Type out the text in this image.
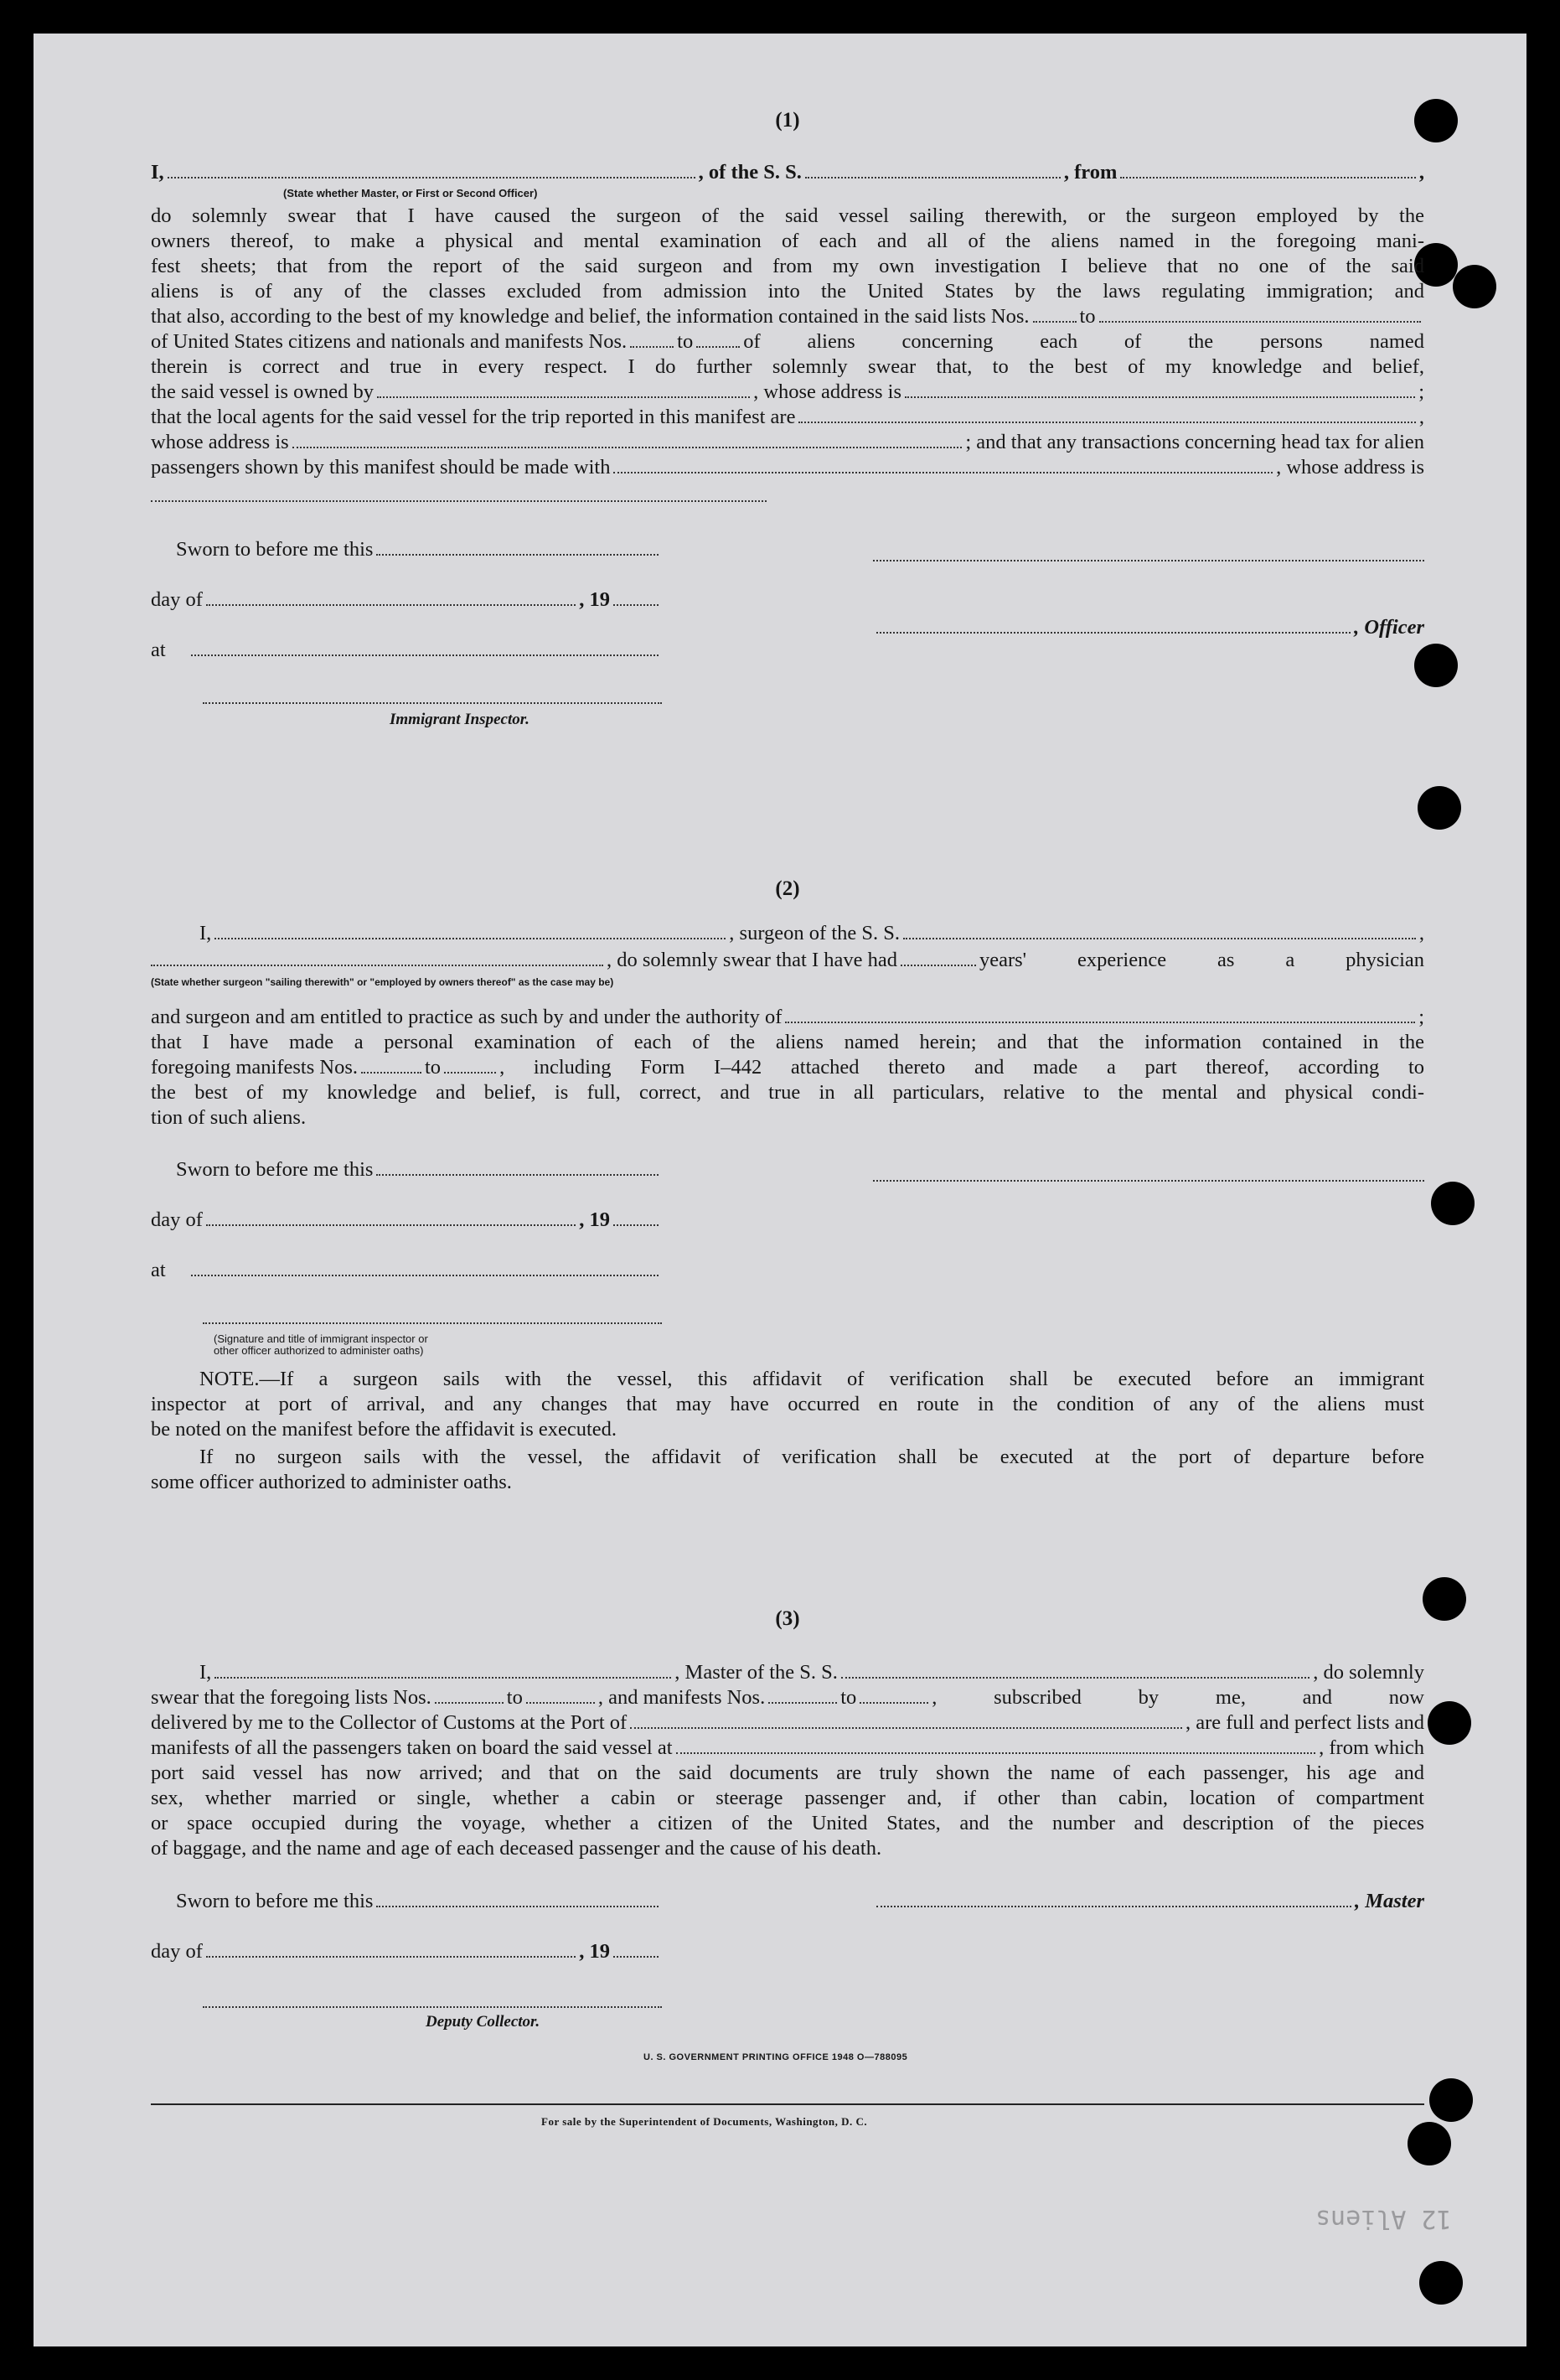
(1)
I,	, of the S. S.	, from	,
(State whether Master, or First or Second Officer)
do solemnly swear that I have caused the surgeon of the said vessel sailing therewith, or the surgeon employed by the
owners thereof, to make a physical and mental examination of each and all of the aliens named in the foregoing mani-
fest sheets; that from the report of the said surgeon and from my own investigation I believe that no one of the said
aliens is of any of the classes excluded from admission into the United States by the laws regulating immigration; and
that also, according to the best of my knowledge and belief, the information contained in the said lists Nos. to
of United States citizens and nationals and manifests Nos. to of aliens concerning each of the persons named
therein is correct and true in every respect. I do further solemnly swear that, to the best of my knowledge and belief,
the said vessel is owned by	, whose address is	;
that the local agents for the said vessel for the trip reported in this manifest are	,
whose address is	; and that any transactions concerning head tax for alien
passengers shown by this manifest should be made with	, whose address is
Sworn to before me this
day of	, 19
, Officer
at
Immigrant Inspector.
(2)
I,	, surgeon of the S. S.	,
, do solemnly swear that I have had	years' experience as a physician
(State whether surgeon "sailing therewith" or "employed by owners thereof" as the case may be)
and surgeon and am entitled to practice as such by and under the authority of	;
that I have made a personal examination of each of the aliens named herein; and that the information contained in the
foregoing manifests Nos.	to	, including Form I–442 attached thereto and made a part thereof, according to
the best of my knowledge and belief, is full, correct, and true in all particulars, relative to the mental and physical condi-
tion of such aliens.
Sworn to before me this
day of	, 19
at
(Signature and title of immigrant inspector or
other officer authorized to administer oaths)
NOTE.—If a surgeon sails with the vessel, this affidavit of verification shall be executed before an immigrant
inspector at port of arrival, and any changes that may have occurred en route in the condition of any of the aliens must
be noted on the manifest before the affidavit is executed.
If no surgeon sails with the vessel, the affidavit of verification shall be executed at the port of departure before
some officer authorized to administer oaths.
(3)
I,	, Master of the S. S.	, do solemnly
swear that the foregoing lists Nos.	to	, and manifests Nos.	to	, subscribed by me, and now
delivered by me to the Collector of Customs at the Port of	, are full and perfect lists and
manifests of all the passengers taken on board the said vessel at	, from which
port said vessel has now arrived; and that on the said documents are truly shown the name of each passenger, his age and
sex, whether married or single, whether a cabin or steerage passenger and, if other than cabin, location of compartment
or space occupied during the voyage, whether a citizen of the United States, and the number and description of the pieces
of baggage, and the name and age of each deceased passenger and the cause of his death.
Sworn to before me this	, Master
day of	, 19
Deputy Collector.
U. S. GOVERNMENT PRINTING OFFICE 1948 O—788095
For sale by the Superintendent of Documents, Washington, D. C.
12 Aliens
